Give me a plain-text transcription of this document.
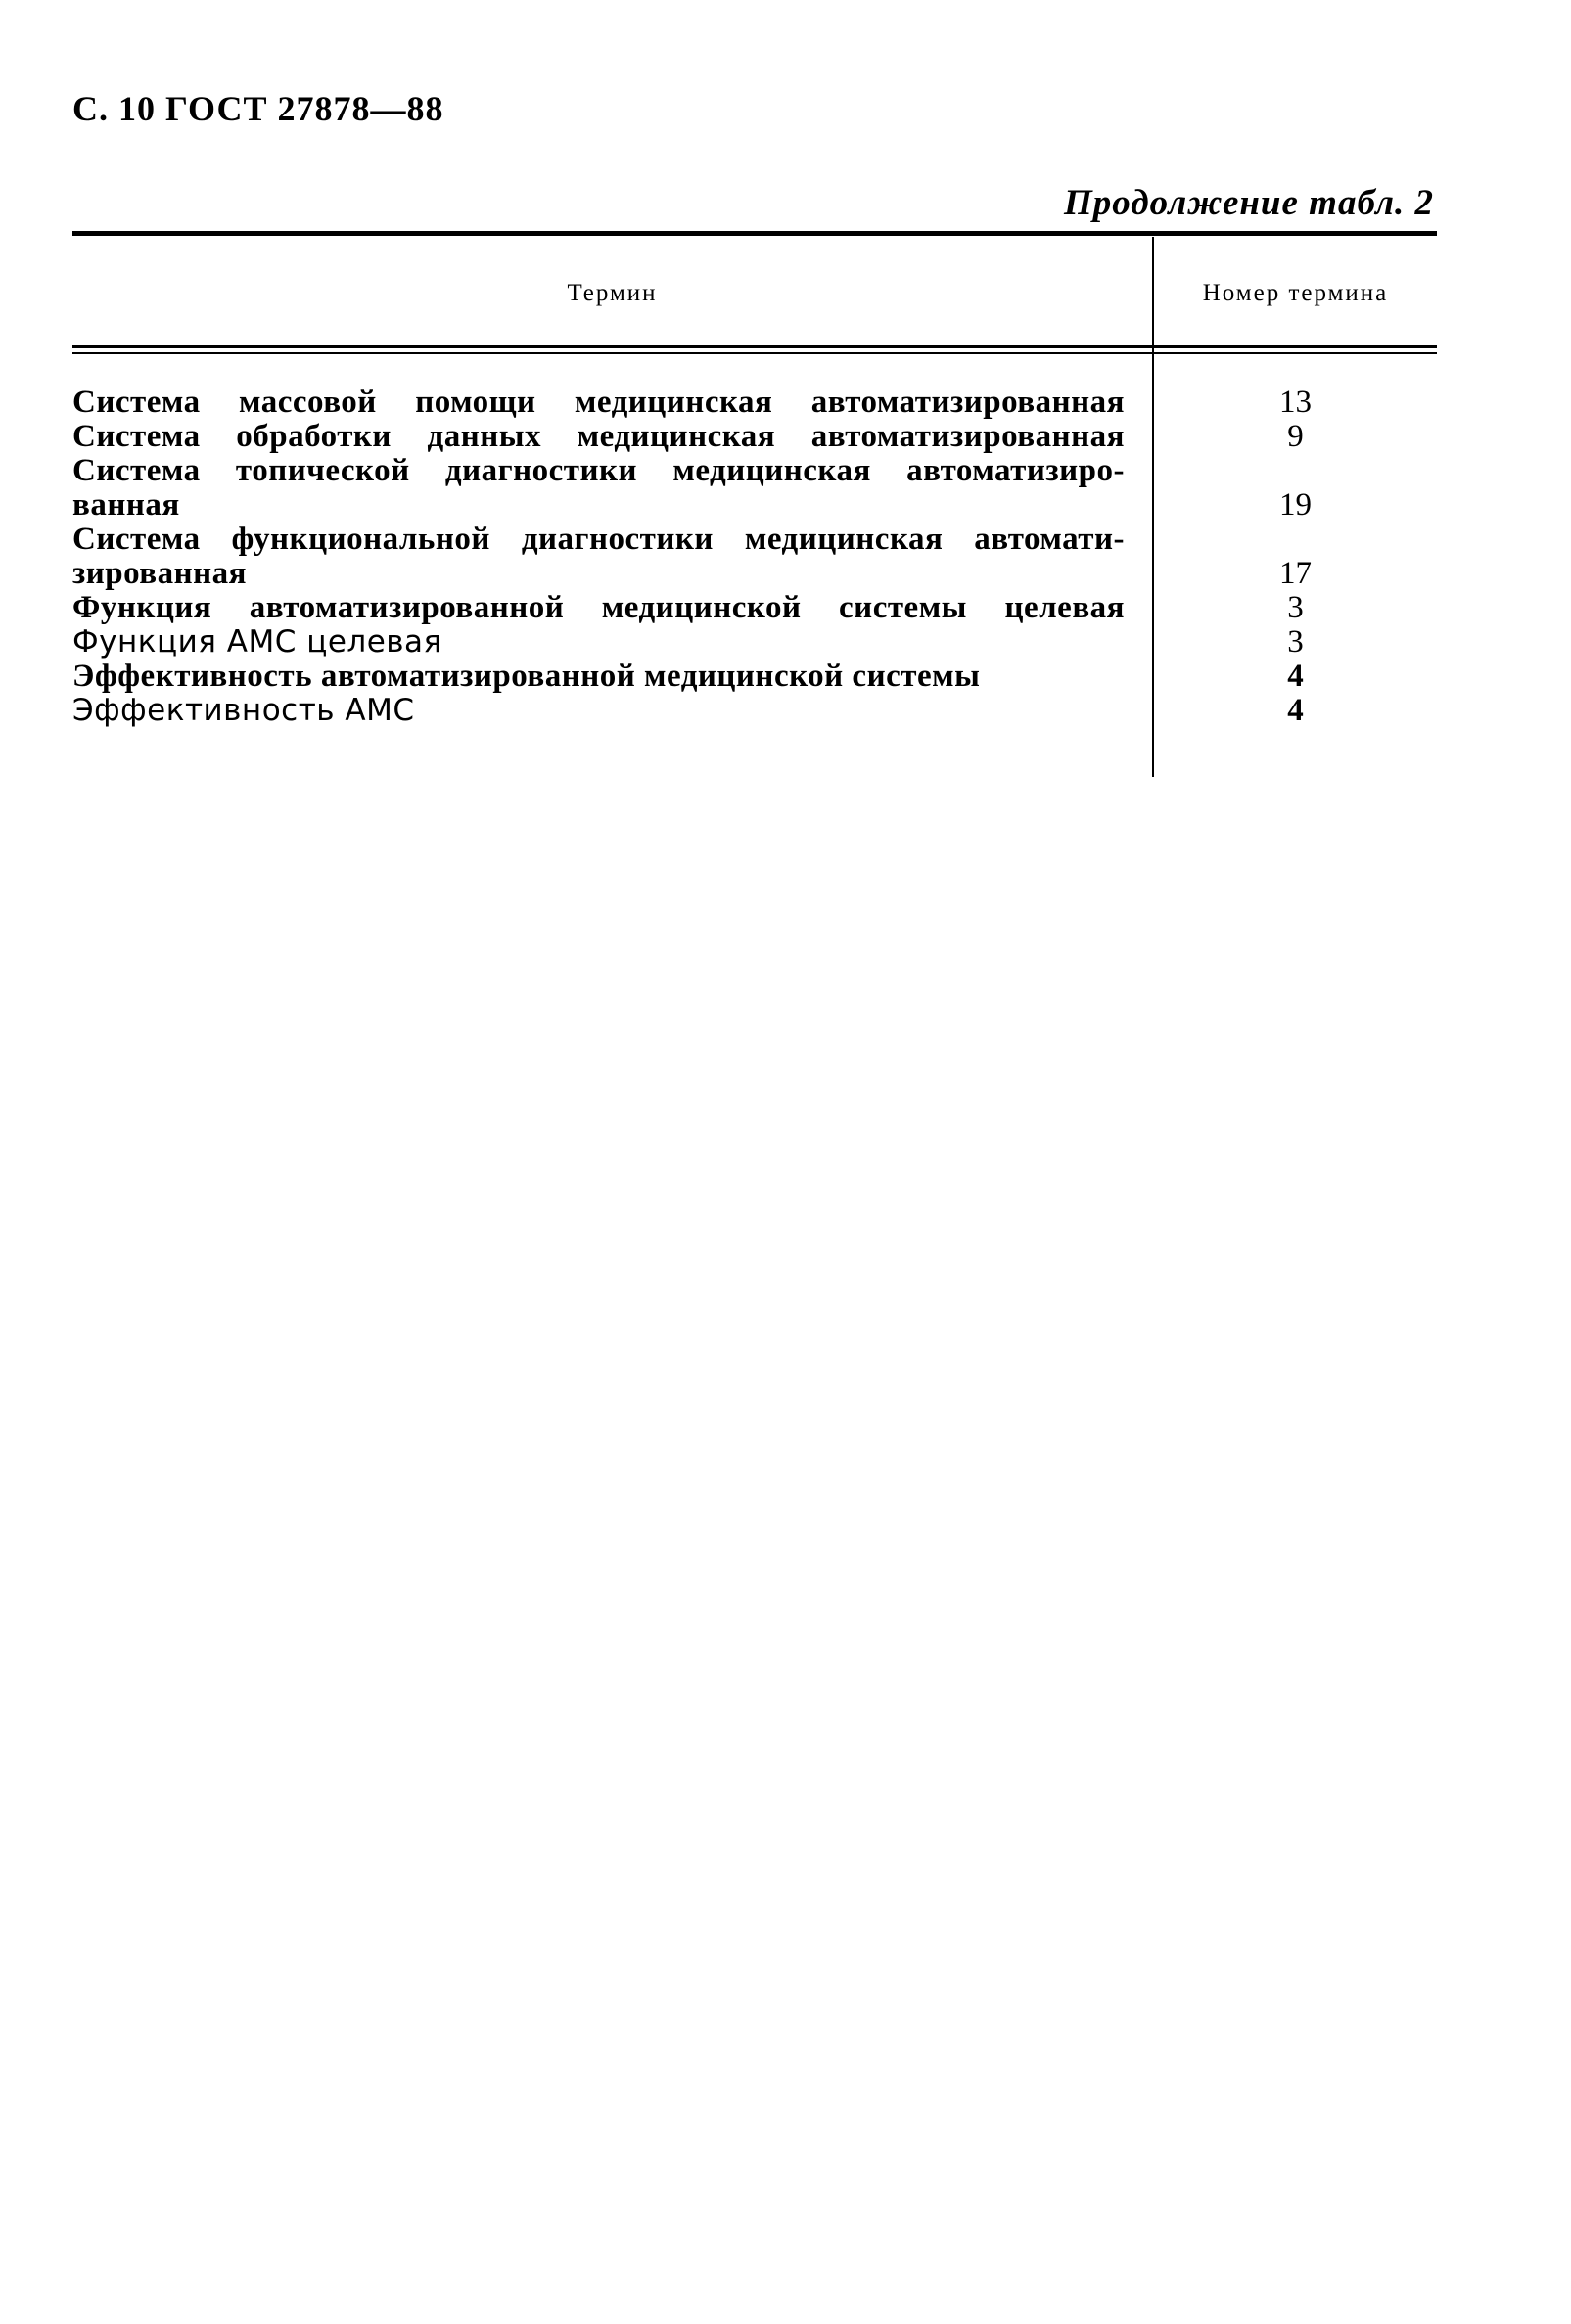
С. 10 ГОСТ 27878—88
Продолжение табл. 2
Термин	Номер термина
Система массовой помощи медицинская автоматизированная	13
Система обработки данных медицинская автоматизированная	9
Система топической диагностики медицинская автоматизиро-
ванная	19
Система функциональной диагностики медицинская автомати-
зированная	17
Функция автоматизированной медицинской системы целевая	3
Функция АМС целевая	3
Эффективность автоматизированной медицинской системы	4
Эффективность АМС	4
